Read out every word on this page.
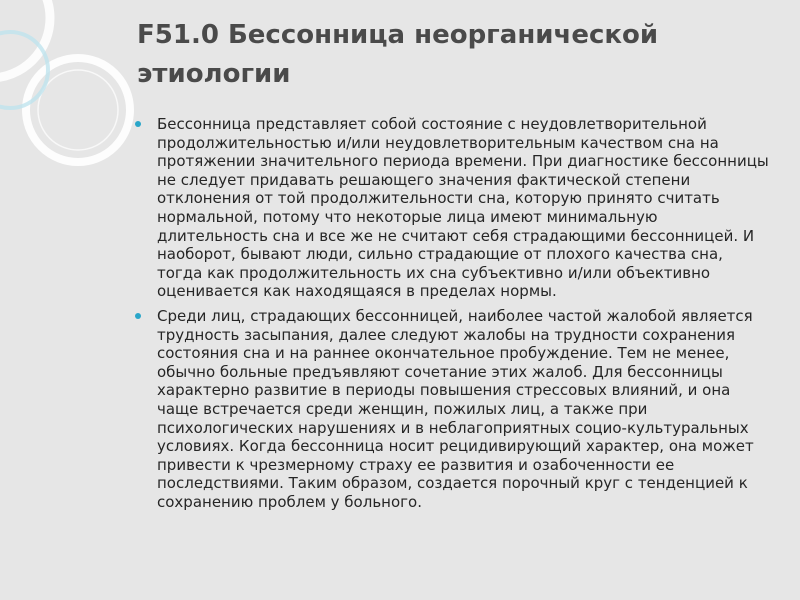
F51.0 Бессонница неорганической этиологии
Бессонница представляет собой состояние с неудовлетворительной продолжительностью и/или неудовлетворительным качеством сна на протяжении значительного периода времени. При диагностике бессонницы не следует придавать решающего значения фактической степени отклонения от той продолжительности сна, которую принято считать нормальной, потому что некоторые лица имеют минимальную длительность сна и все же не считают себя страдающими бессонницей. И наоборот, бывают люди, сильно страдающие от плохого качества сна, тогда как продолжительность их сна субъективно и/или объективно оценивается как находящаяся в пределах нормы.
Среди лиц, страдающих бессонницей, наиболее частой жалобой является трудность засыпания, далее следуют жалобы на трудности сохранения состояния сна и на раннее окончательное пробуждение. Тем не менее, обычно больные предъявляют сочетание этих жалоб. Для бессонницы характерно развитие в периоды повышения стрессовых влияний, и она чаще встречается среди женщин, пожилых лиц, а также при психологических нарушениях и в неблагоприятных социо-культуральных условиях. Когда бессонница носит рецидивирующий характер, она может привести к чрезмерному страху ее развития и озабоченности ее последствиями. Таким образом, создается порочный круг с тенденцией к сохранению проблем у больного.
